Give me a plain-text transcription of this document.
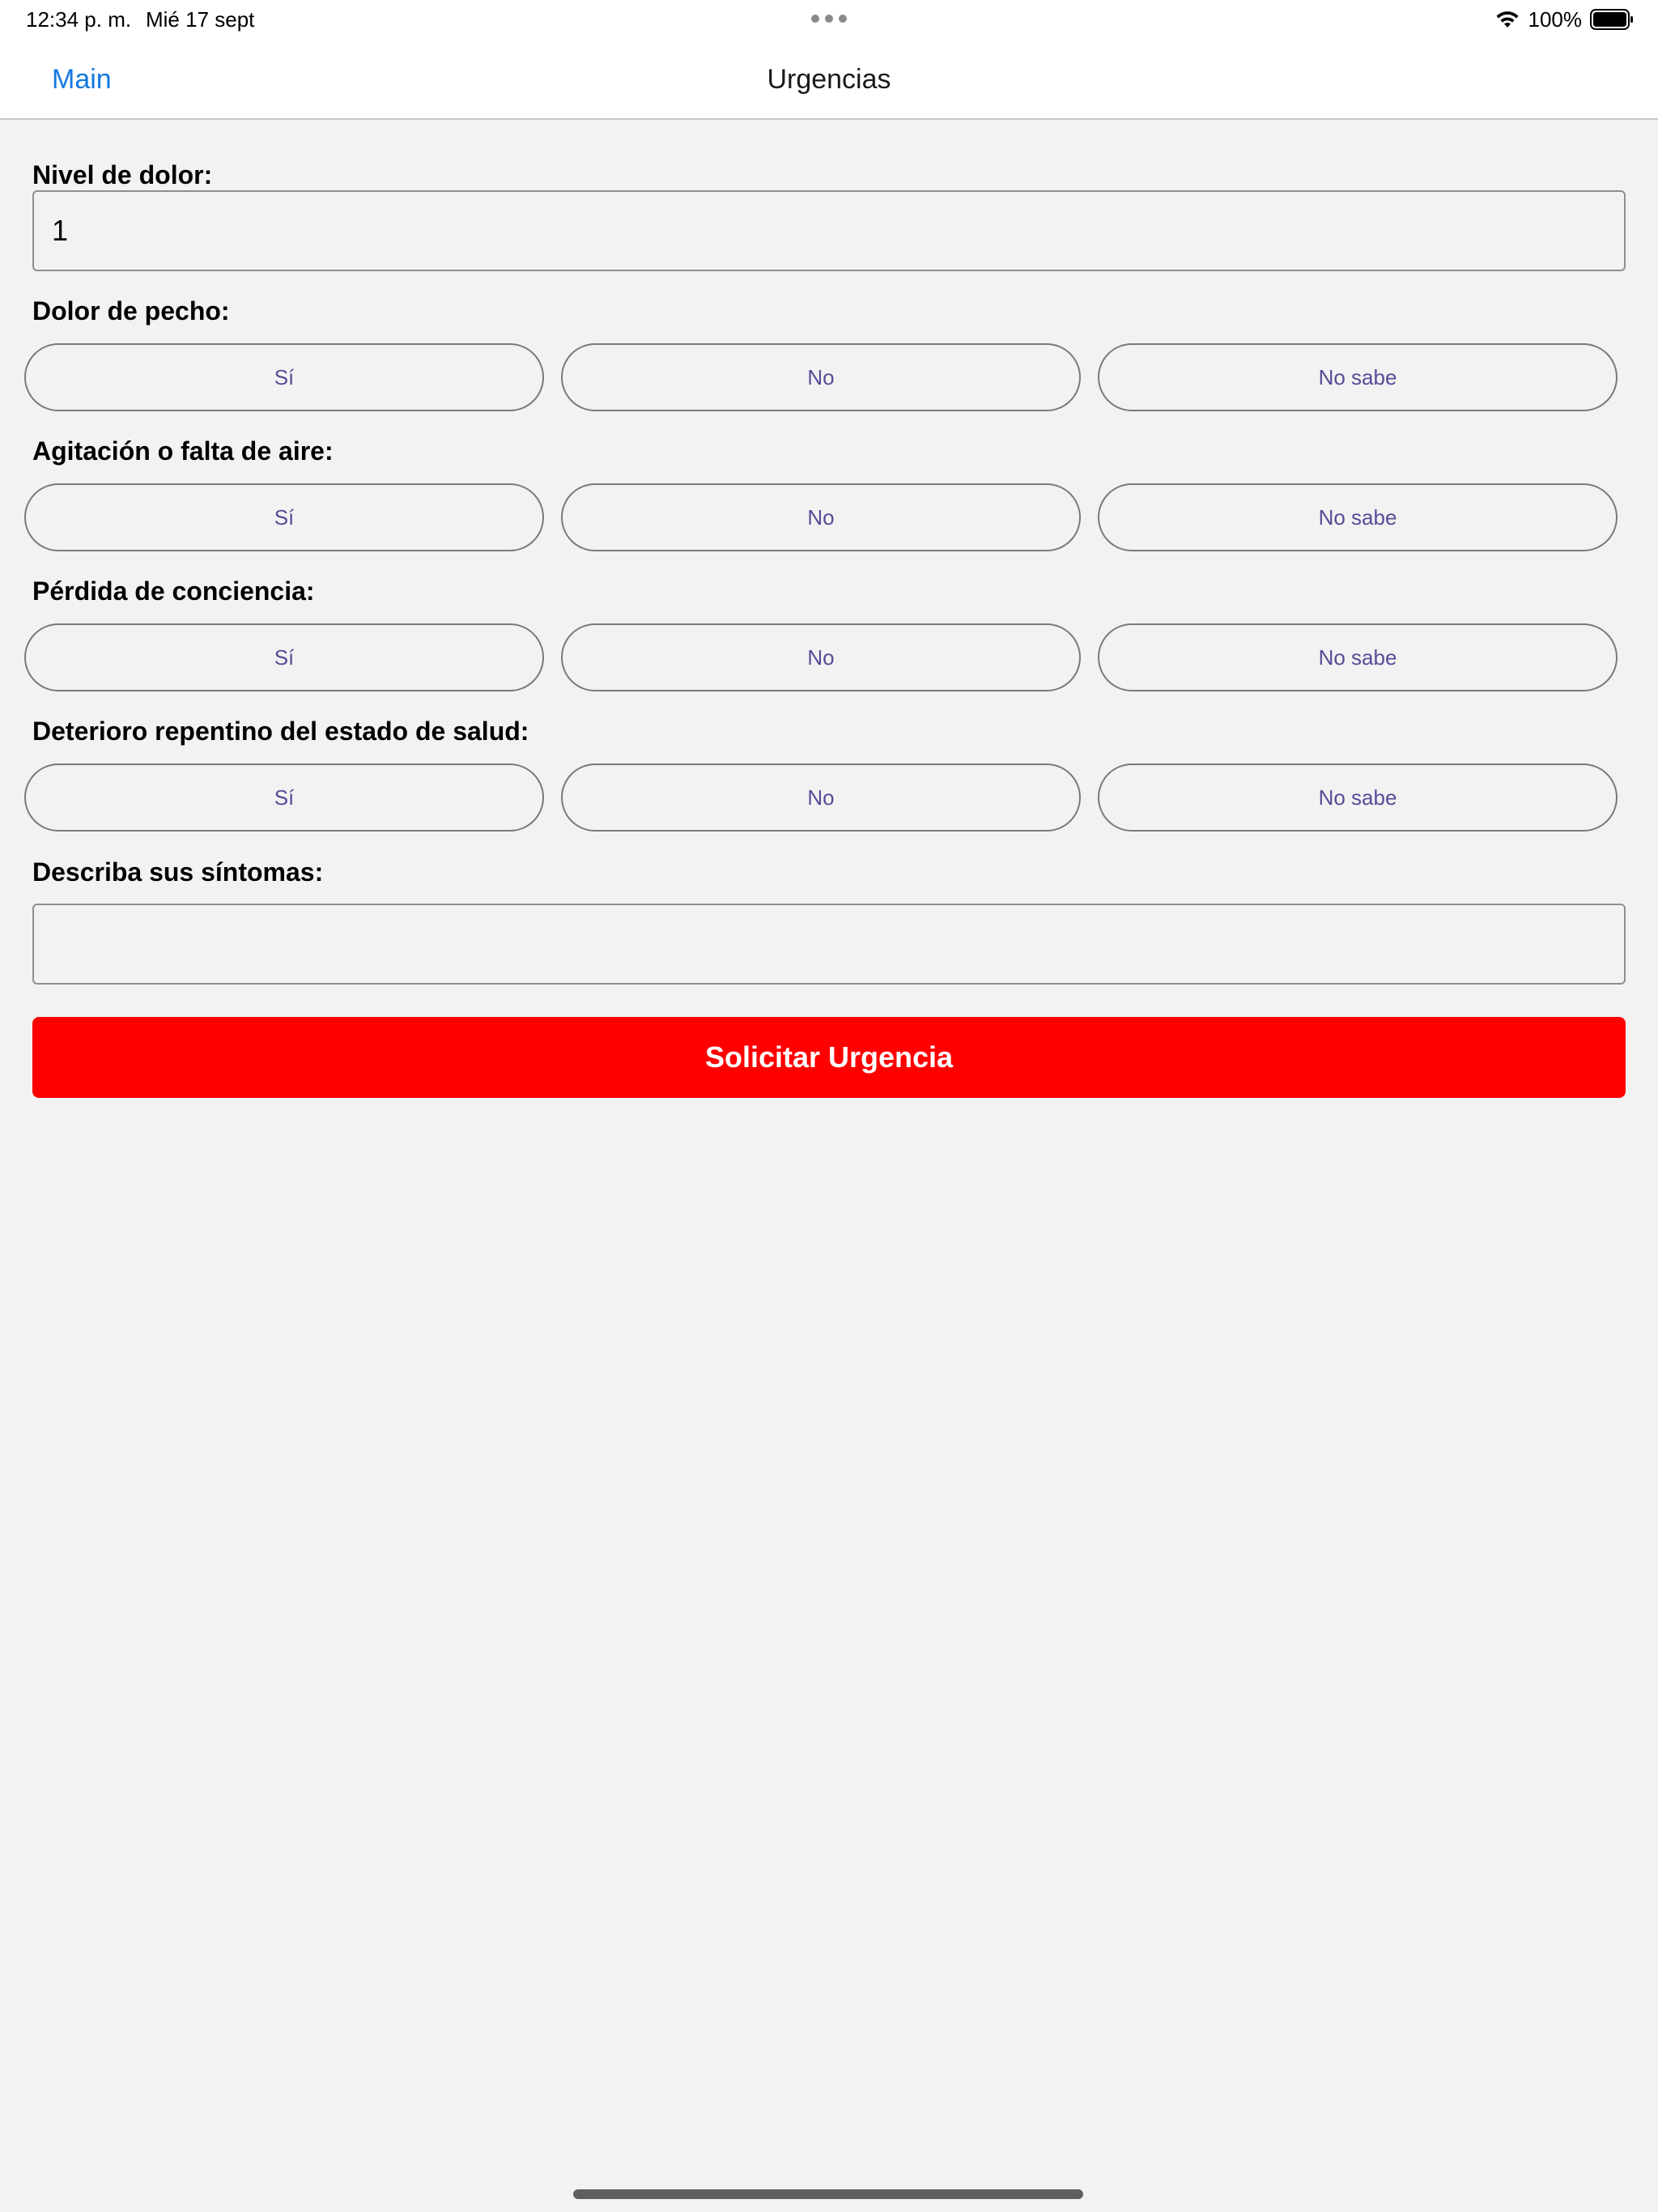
12:34 p. m. Mié 17 sept	100%
Main	Urgencias
Nivel de dolor:
1
Dolor de pecho:
Sí	No	No sabe
Agitación o falta de aire:
Sí	No	No sabe
Pérdida de conciencia:
Sí	No	No sabe
Deterioro repentino del estado de salud:
Sí	No	No sabe
Describa sus síntomas:
Solicitar Urgencia
